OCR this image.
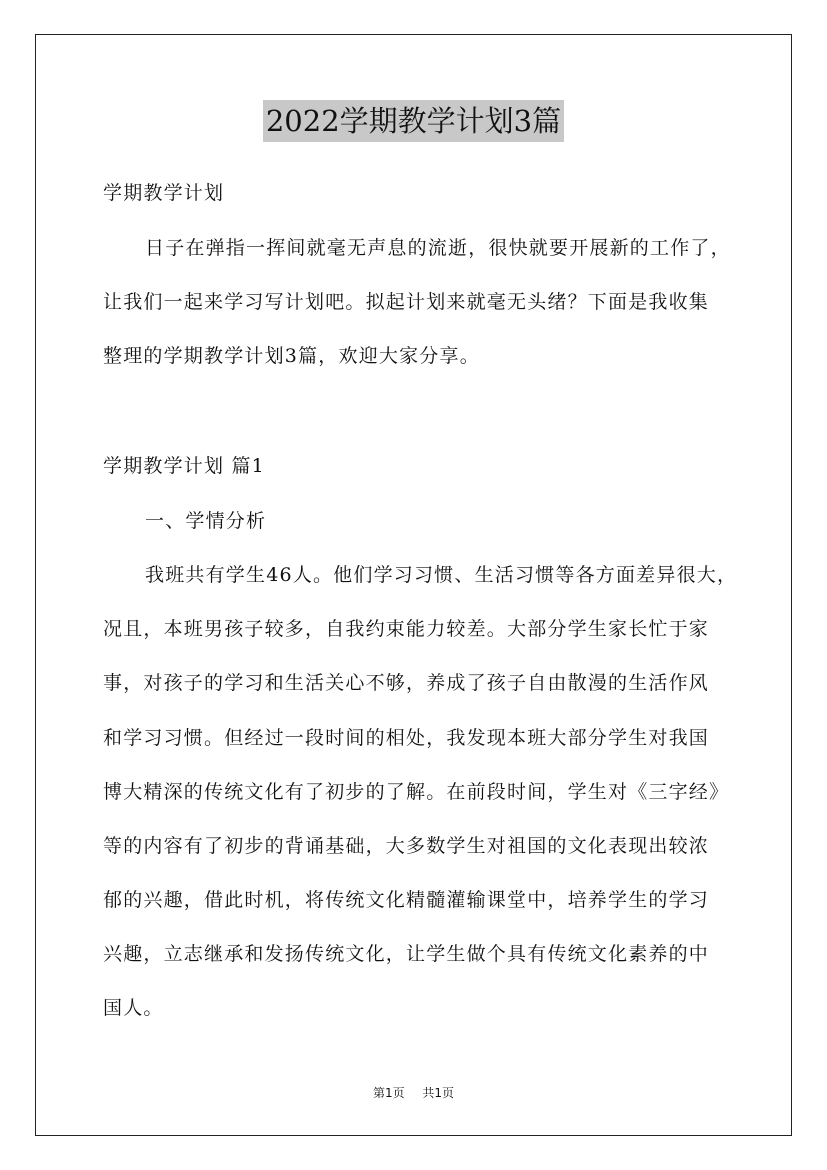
2022学期教学计划3篇
学期教学计划
日子在弹指一挥间就毫无声息的流逝，很快就要开展新的工作了，
让我们一起来学习写计划吧。拟起计划来就毫无头绪？下面是我收集
整理的学期教学计划3篇，欢迎大家分享。
学期教学计划 篇1
一、学情分析
我班共有学生46人。他们学习习惯、生活习惯等各方面差异很大，
况且，本班男孩子较多，自我约束能力较差。大部分学生家长忙于家
事，对孩子的学习和生活关心不够，养成了孩子自由散漫的生活作风
和学习习惯。但经过一段时间的相处，我发现本班大部分学生对我国
博大精深的传统文化有了初步的了解。在前段时间，学生对《三字经》
等的内容有了初步的背诵基础，大多数学生对祖国的文化表现出较浓
郁的兴趣，借此时机，将传统文化精髓灌输课堂中，培养学生的学习
兴趣，立志继承和发扬传统文化，让学生做个具有传统文化素养的中
国人。
第1页 共1页
